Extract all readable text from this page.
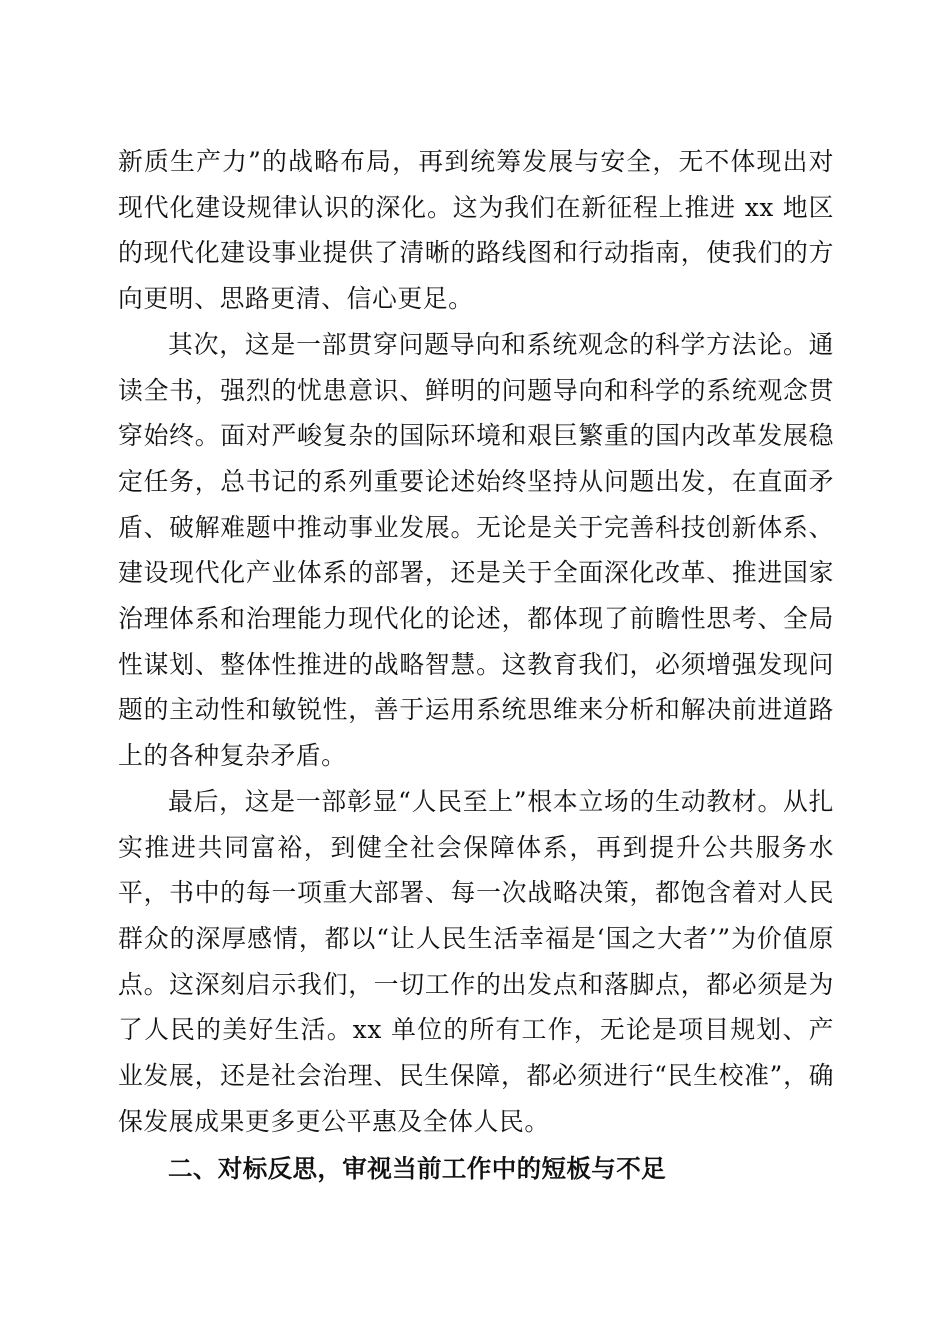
新质生产力”的战略布局，再到统筹发展与安全，无不体现出对现代化建设规律认识的深化。这为我们在新征程上推进 xx 地区的现代化建设事业提供了清晰的路线图和行动指南，使我们的方向更明、思路更清、信心更足。

其次，这是一部贯穿问题导向和系统观念的科学方法论。通读全书，强烈的忧患意识、鲜明的问题导向和科学的系统观念贯穿始终。面对严峻复杂的国际环境和艰巨繁重的国内改革发展稳定任务，总书记的系列重要论述始终坚持从问题出发，在直面矛盾、破解难题中推动事业发展。无论是关于完善科技创新体系、建设现代化产业体系的部署，还是关于全面深化改革、推进国家治理体系和治理能力现代化的论述，都体现了前瞻性思考、全局性谋划、整体性推进的战略智慧。这教育我们，必须增强发现问题的主动性和敏锐性，善于运用系统思维来分析和解决前进道路上的各种复杂矛盾。

最后，这是一部彰显“人民至上”根本立场的生动教材。从扎实推进共同富裕，到健全社会保障体系，再到提升公共服务水平，书中的每一项重大部署、每一次战略决策，都饱含着对人民群众的深厚感情，都以“让人民生活幸福是‘国之大者’”为价值原点。这深刻启示我们，一切工作的出发点和落脚点，都必须是为了人民的美好生活。xx 单位的所有工作，无论是项目规划、产业发展，还是社会治理、民生保障，都必须进行“民生校准”，确保发展成果更多更公平惠及全体人民。

二、对标反思，审视当前工作中的短板与不足
